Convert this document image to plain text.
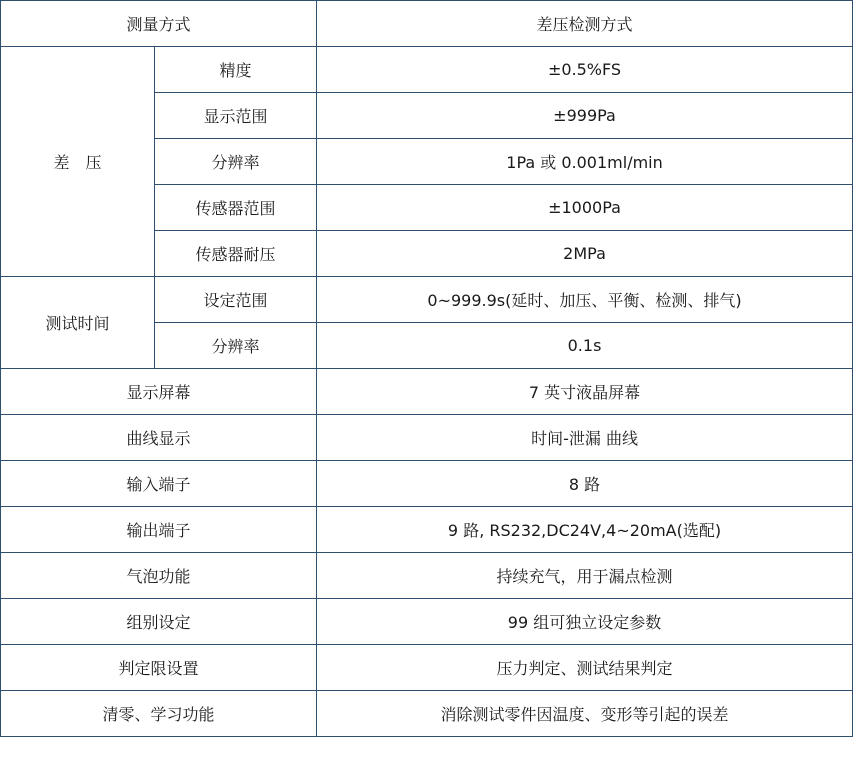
测量方式		差压检测方式
差　压	精度	±0.5%FS
	显示范围	±999Pa
	分辨率	1Pa 或 0.001ml/min
	传感器范围	±1000Pa
	传感器耐压	2MPa
测试时间	设定范围	0~999.9s(延时、加压、平衡、检测、排气)
	分辨率	0.1s
显示屏幕		7 英寸液晶屏幕
曲线显示		时间-泄漏 曲线
输入端子		8 路
输出端子		9 路, RS232,DC24V,4~20mA(选配)
气泡功能		持续充气，用于漏点检测
组别设定		99 组可独立设定参数
判定限设置		压力判定、测试结果判定
清零、学习功能		消除测试零件因温度、变形等引起的误差
